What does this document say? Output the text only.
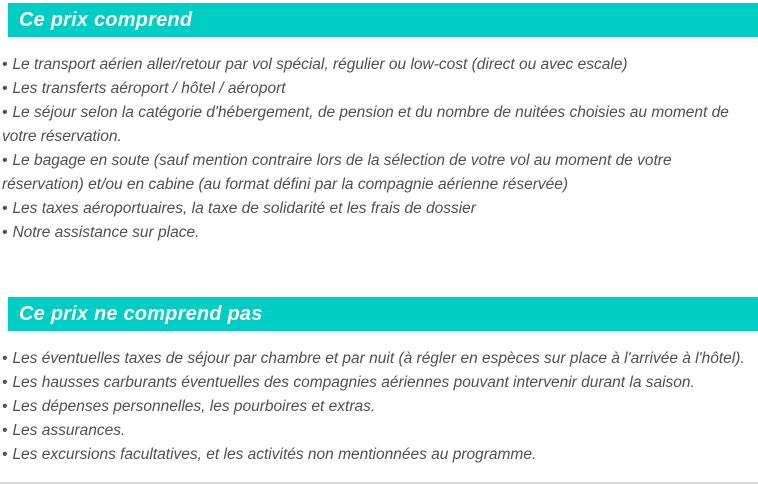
Ce prix comprend

• Le transport aérien aller/retour par vol spécial, régulier ou low-cost (direct ou avec escale)

• Les transferts aéroport / hôtel / aéroport

• Le séjour selon la catégorie d'hébergement, de pension et du nombre de nuitées choisies au moment de votre réservation.

• Le bagage en soute (sauf mention contraire lors de la sélection de votre vol au moment de votre réservation) et/ou en cabine (au format défini par la compagnie aérienne réservée)

• Les taxes aéroportuaires, la taxe de solidarité et les frais de dossier

• Notre assistance sur place.

Ce prix ne comprend pas

• Les éventuelles taxes de séjour par chambre et par nuit (à régler en espèces sur place à l'arrivée à l'hôtel).

• Les hausses carburants éventuelles des compagnies aériennes pouvant intervenir durant la saison.

• Les dépenses personnelles, les pourboires et extras.

• Les assurances.

• Les excursions facultatives, et les activités non mentionnées au programme.
